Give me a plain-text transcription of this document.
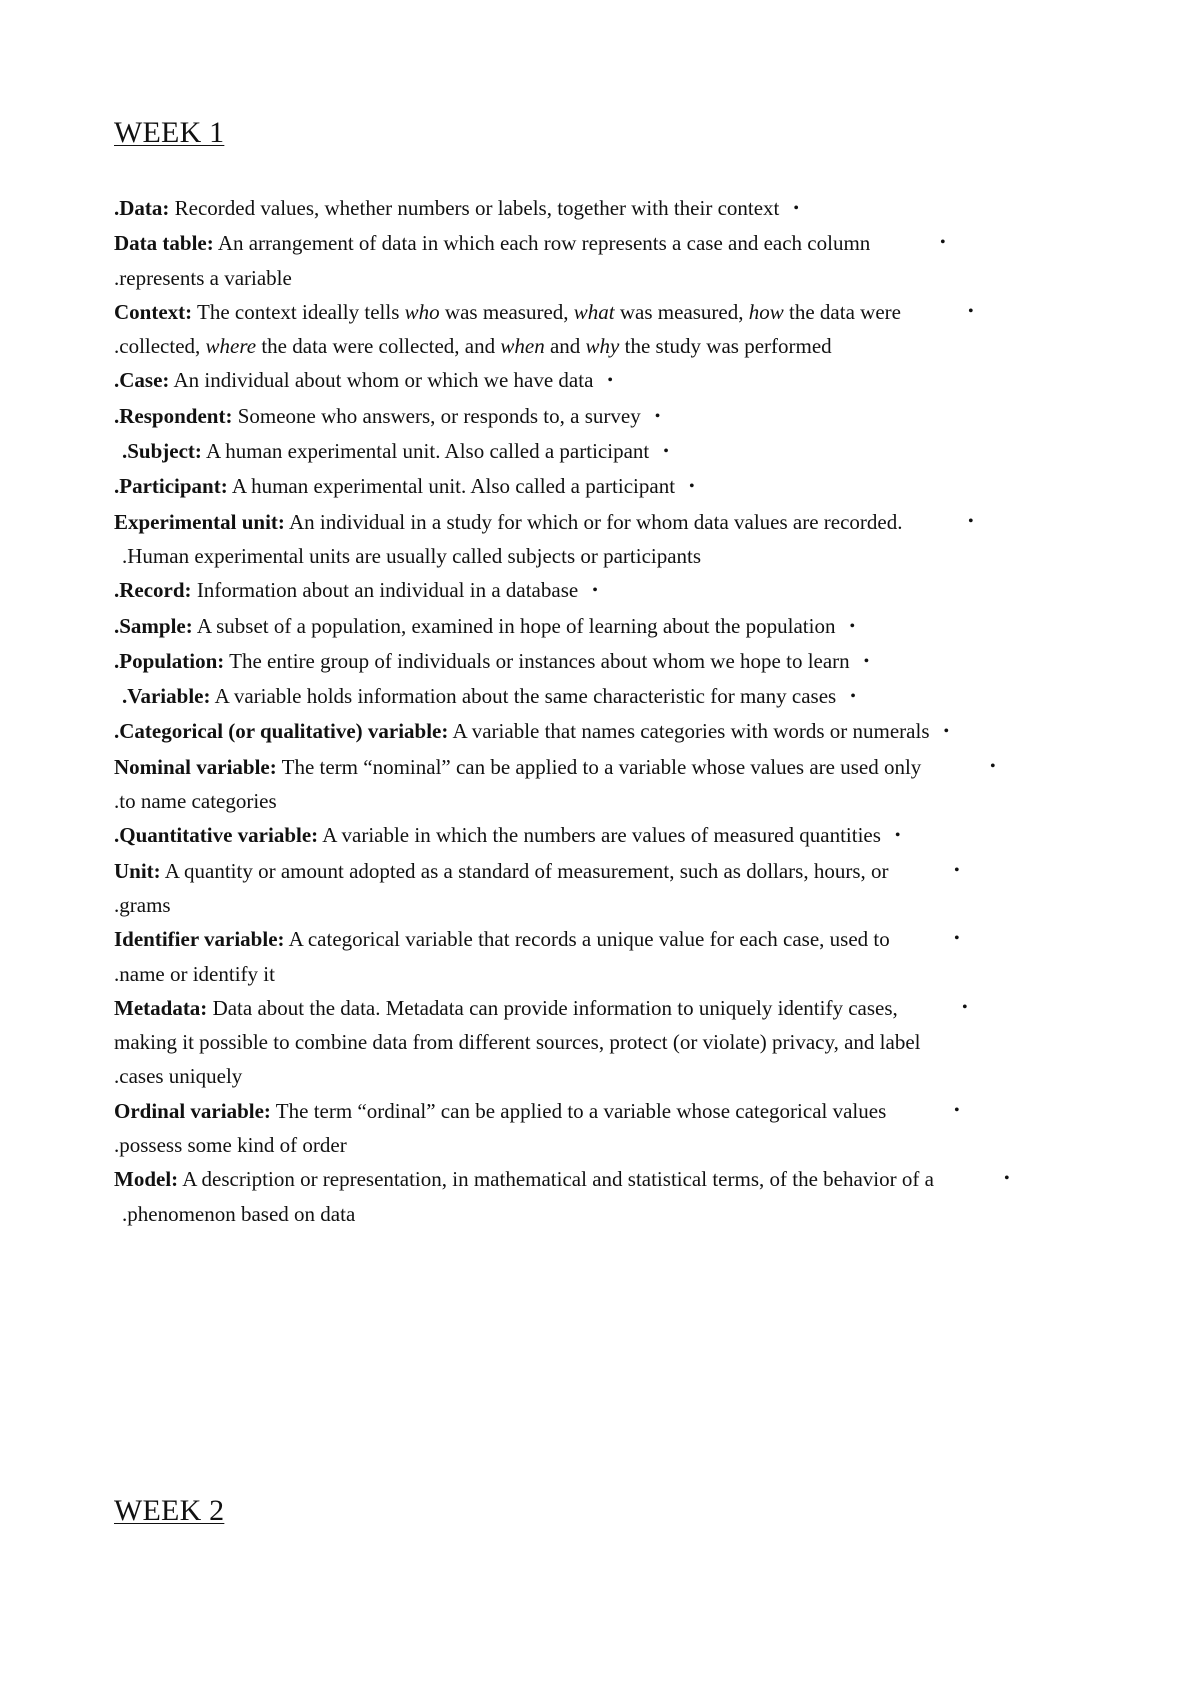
WEEK 1
.Data: Recorded values, whether numbers or labels, together with their context •
•
Data table: An arrangement of data in which each row represents a case and each column
.represents a variable
•
Context: The context ideally tells who was measured, what was measured, how the data were
.collected, where the data were collected, and when and why the study was performed
.Case: An individual about whom or which we have data •
.Respondent: Someone who answers, or responds to, a survey •
.Subject: A human experimental unit. Also called a participant •
.Participant: A human experimental unit. Also called a participant •
•
Experimental unit: An individual in a study for which or for whom data values are recorded.
.Human experimental units are usually called subjects or participants
.Record: Information about an individual in a database •
.Sample: A subset of a population, examined in hope of learning about the population •
.Population: The entire group of individuals or instances about whom we hope to learn •
.Variable: A variable holds information about the same characteristic for many cases •
.Categorical (or qualitative) variable: A variable that names categories with words or numerals •
•
Nominal variable: The term “nominal” can be applied to a variable whose values are used only
.to name categories
.Quantitative variable: A variable in which the numbers are values of measured quantities •
•
Unit: A quantity or amount adopted as a standard of measurement, such as dollars, hours, or
.grams
•
Identifier variable: A categorical variable that records a unique value for each case, used to
.name or identify it
•
Metadata: Data about the data. Metadata can provide information to uniquely identify cases,
making it possible to combine data from different sources, protect (or violate) privacy, and label
.cases uniquely
•
Ordinal variable: The term “ordinal” can be applied to a variable whose categorical values
.possess some kind of order
•
Model: A description or representation, in mathematical and statistical terms, of the behavior of a
.phenomenon based on data
WEEK 2
